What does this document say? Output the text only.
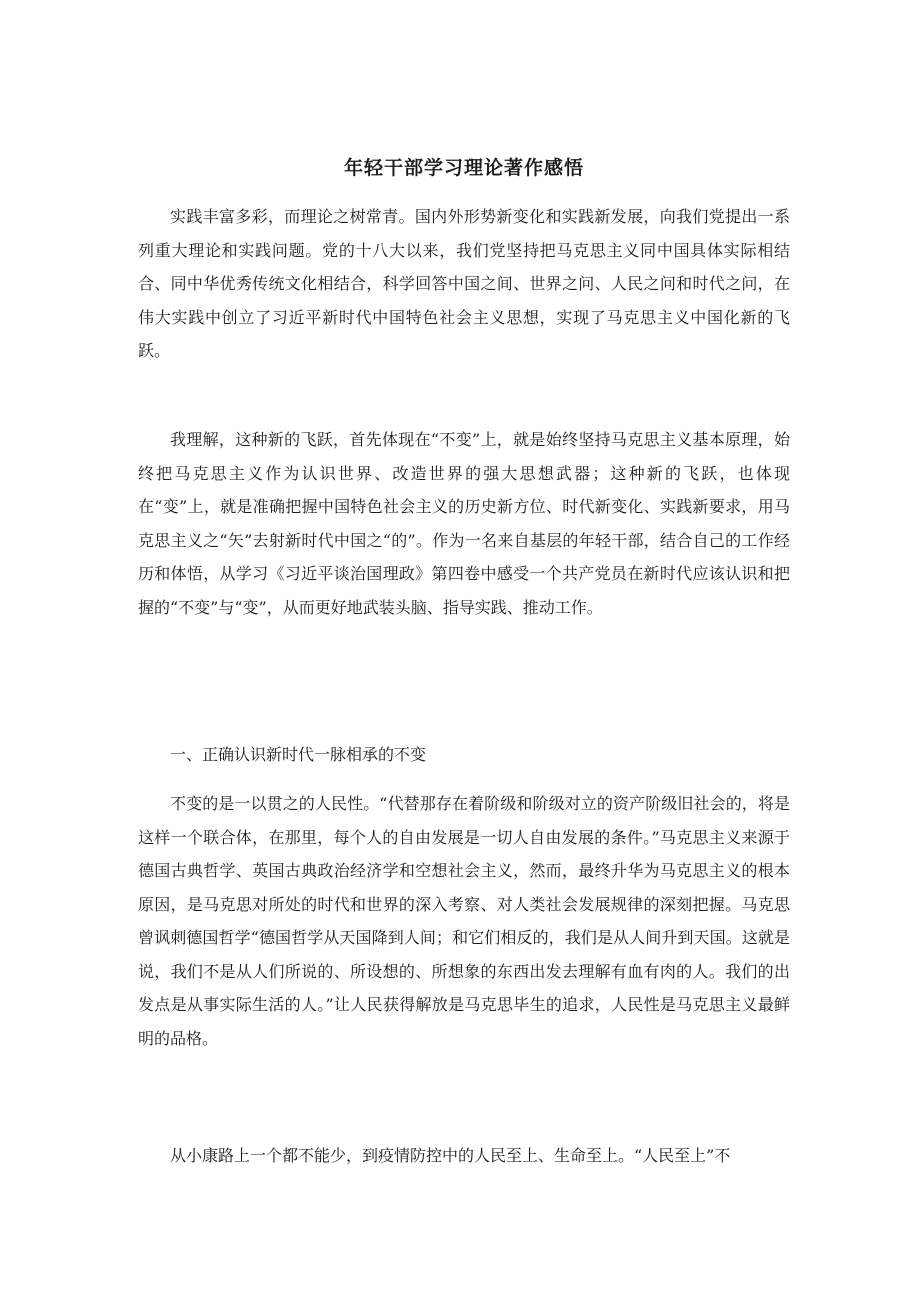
年轻干部学习理论著作感悟

实践丰富多彩，而理论之树常青。国内外形势新变化和实践新发展，向我们党提出一系列重大理论和实践问题。党的十八大以来，我们党坚持把马克思主义同中国具体实际相结合、同中华优秀传统文化相结合，科学回答中国之间、世界之问、人民之问和时代之问，在伟大实践中创立了习近平新时代中国特色社会主义思想，实现了马克思主义中国化新的飞跃。

我理解，这种新的飞跃，首先体现在“不变”上，就是始终坚持马克思主义基本原理，始终把马克思主义作为认识世界、改造世界的强大思想武器；这种新的飞跃，也体现在“变”上，就是准确把握中国特色社会主义的历史新方位、时代新变化、实践新要求，用马克思主义之“矢”去射新时代中国之“的”。作为一名来自基层的年轻干部，结合自己的工作经历和体悟，从学习《习近平谈治国理政》第四卷中感受一个共产党员在新时代应该认识和把握的“不变”与“变”，从而更好地武装头脑、指导实践、推动工作。

一、正确认识新时代一脉相承的不变

不变的是一以贯之的人民性。“代替那存在着阶级和阶级对立的资产阶级旧社会的，将是这样一个联合体，在那里，每个人的自由发展是一切人自由发展的条件。”马克思主义来源于德国古典哲学、英国古典政治经济学和空想社会主义，然而，最终升华为马克思主义的根本原因，是马克思对所处的时代和世界的深入考察、对人类社会发展规律的深刻把握。马克思曾讽刺德国哲学“德国哲学从天国降到人间；和它们相反的，我们是从人间升到天国。这就是说，我们不是从人们所说的、所设想的、所想象的东西出发去理解有血有肉的人。我们的出发点是从事实际生活的人。”让人民获得解放是马克思毕生的追求，人民性是马克思主义最鲜明的品格。

从小康路上一个都不能少，到疫情防控中的人民至上、生命至上。“人民至上”不
